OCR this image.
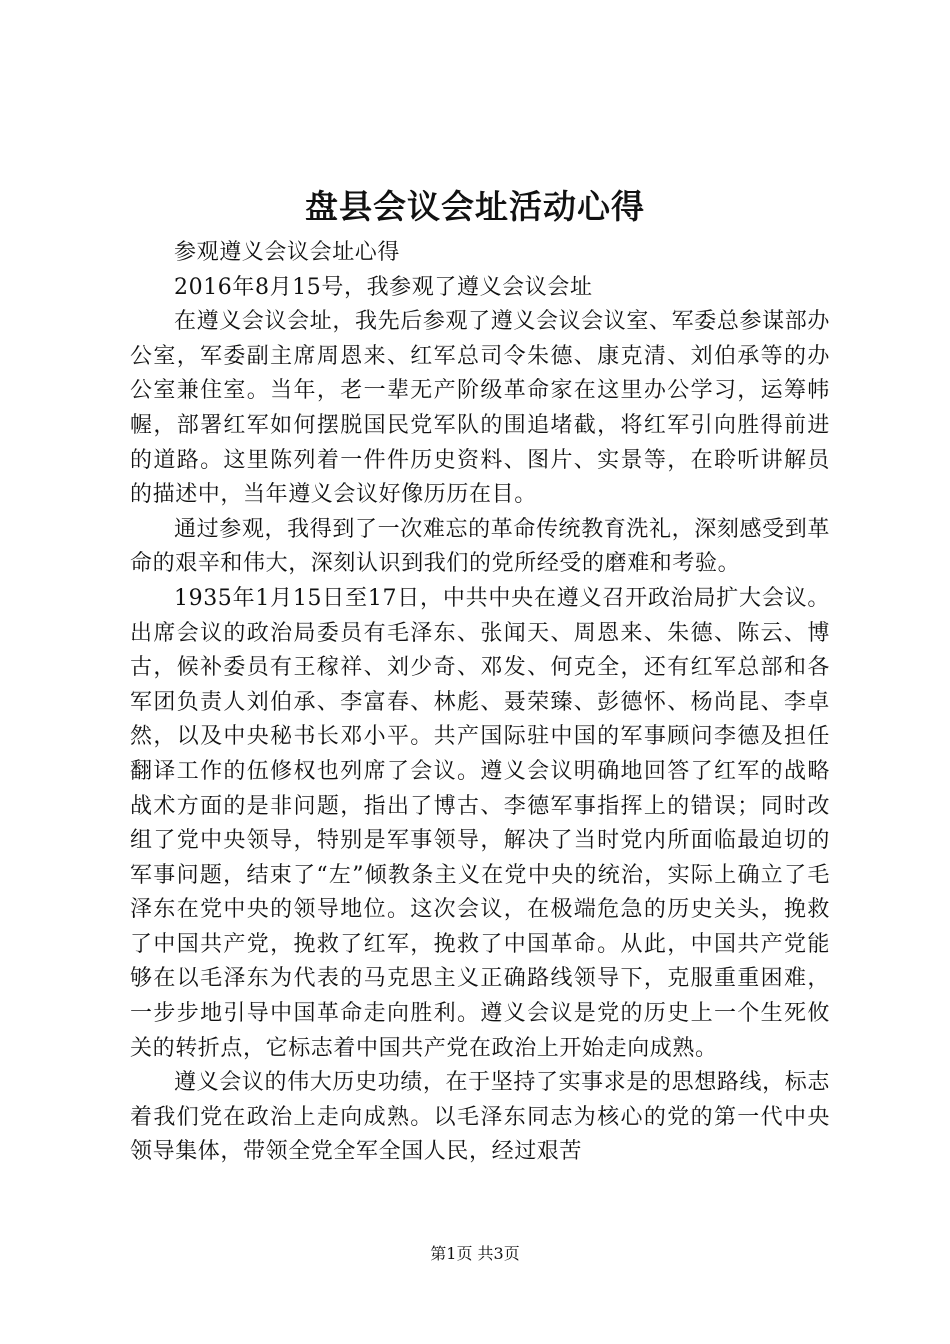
盘县会议会址活动心得

参观遵义会议会址心得

2016年8月15号，我参观了遵义会议会址

在遵义会议会址，我先后参观了遵义会议会议室、军委总参谋部办公室，军委副主席周恩来、红军总司令朱德、康克清、刘伯承等的办公室兼住室。当年，老一辈无产阶级革命家在这里办公学习，运筹帏幄，部署红军如何摆脱国民党军队的围追堵截，将红军引向胜得前进的道路。这里陈列着一件件历史资料、图片、实景等，在聆听讲解员的描述中，当年遵义会议好像历历在目。

通过参观，我得到了一次难忘的革命传统教育洗礼，深刻感受到革命的艰辛和伟大，深刻认识到我们的党所经受的磨难和考验。

1935年1月15日至17日，中共中央在遵义召开政治局扩大会议。出席会议的政治局委员有毛泽东、张闻天、周恩来、朱德、陈云、博古，候补委员有王稼祥、刘少奇、邓发、何克全，还有红军总部和各军团负责人刘伯承、李富春、林彪、聂荣臻、彭德怀、杨尚昆、李卓然，以及中央秘书长邓小平。共产国际驻中国的军事顾问李德及担任翻译工作的伍修权也列席了会议。遵义会议明确地回答了红军的战略战术方面的是非问题，指出了博古、李德军事指挥上的错误；同时改组了党中央领导，特别是军事领导，解决了当时党内所面临最迫切的军事问题，结束了“左”倾教条主义在党中央的统治，实际上确立了毛泽东在党中央的领导地位。这次会议，在极端危急的历史关头，挽救了中国共产党，挽救了红军，挽救了中国革命。从此，中国共产党能够在以毛泽东为代表的马克思主义正确路线领导下，克服重重困难，一步步地引导中国革命走向胜利。遵义会议是党的历史上一个生死攸关的转折点，它标志着中国共产党在政治上开始走向成熟。

遵义会议的伟大历史功绩，在于坚持了实事求是的思想路线，标志着我们党在政治上走向成熟。以毛泽东同志为核心的党的第一代中央领导集体，带领全党全军全国人民，经过艰苦

第1页 共3页
